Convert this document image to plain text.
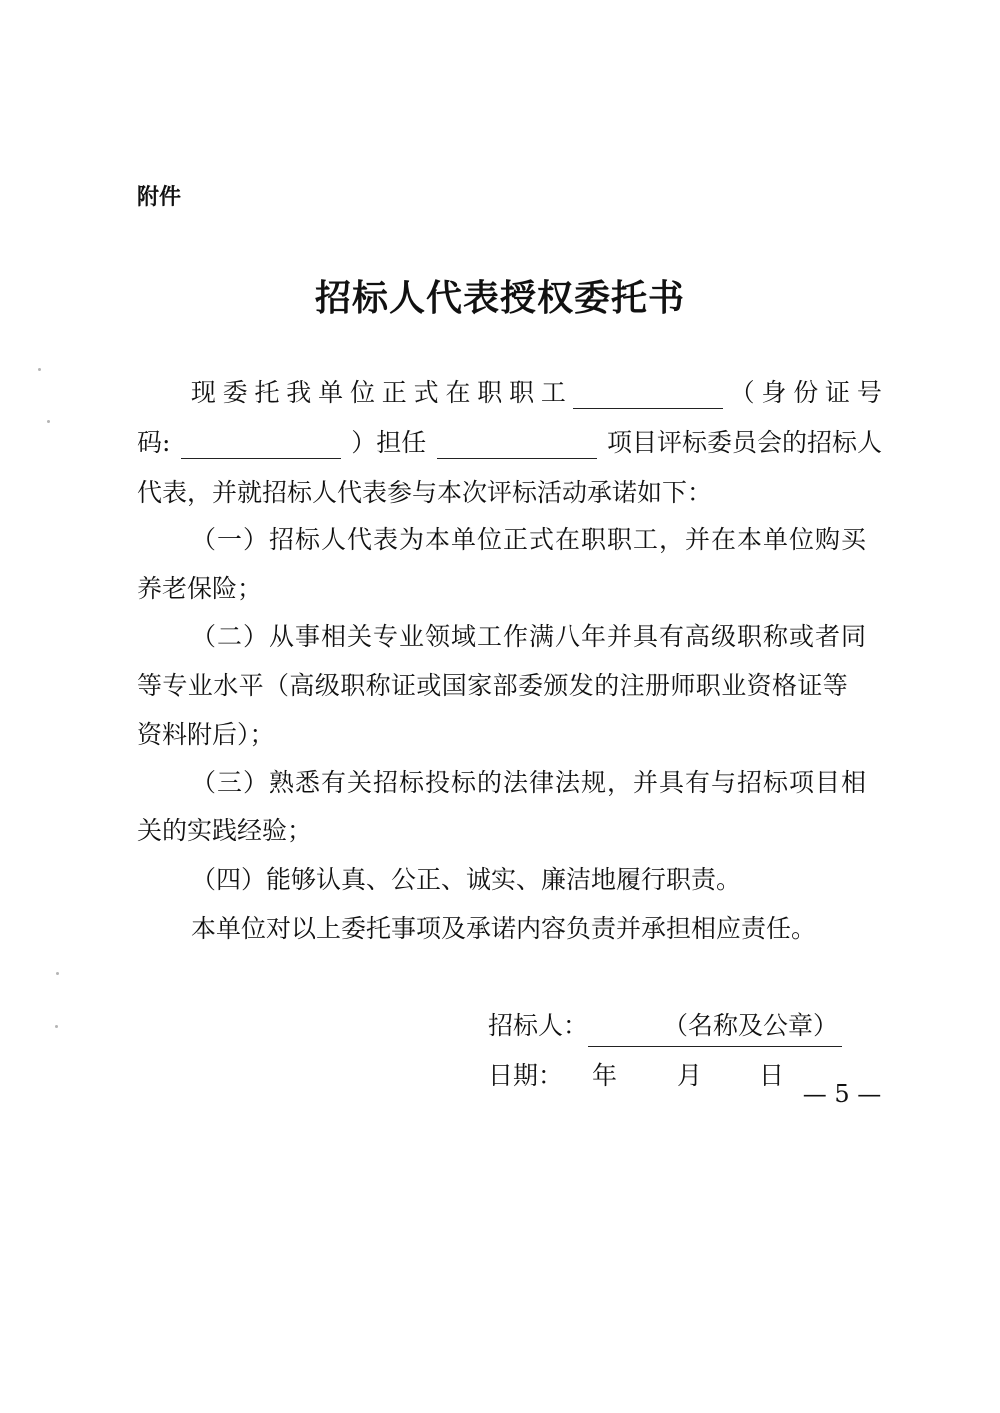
附件
招标人代表授权委托书
现 委 托 我 单 位 正 式 在 职 职 工	（ 身 份 证 号
码:	）担任	项目评标委员会的招标人
代表，并就招标人代表参与本次评标活动承诺如下：
（一）招标人代表为本单位正式在职职工，并在本单位购买
养老保险；
（二）从事相关专业领域工作满八年并具有高级职称或者同
等专业水平（高级职称证或国家部委颁发的注册师职业资格证等
资料附后）；
（三）熟悉有关招标投标的法律法规，并具有与招标项目相
关的实践经验；
（四）能够认真、公正、诚实、廉洁地履行职责。
本单位对以上委托事项及承诺内容负责并承担相应责任。
招标人：	（名称及公章）
日期： 年 月 日
— 5 —
